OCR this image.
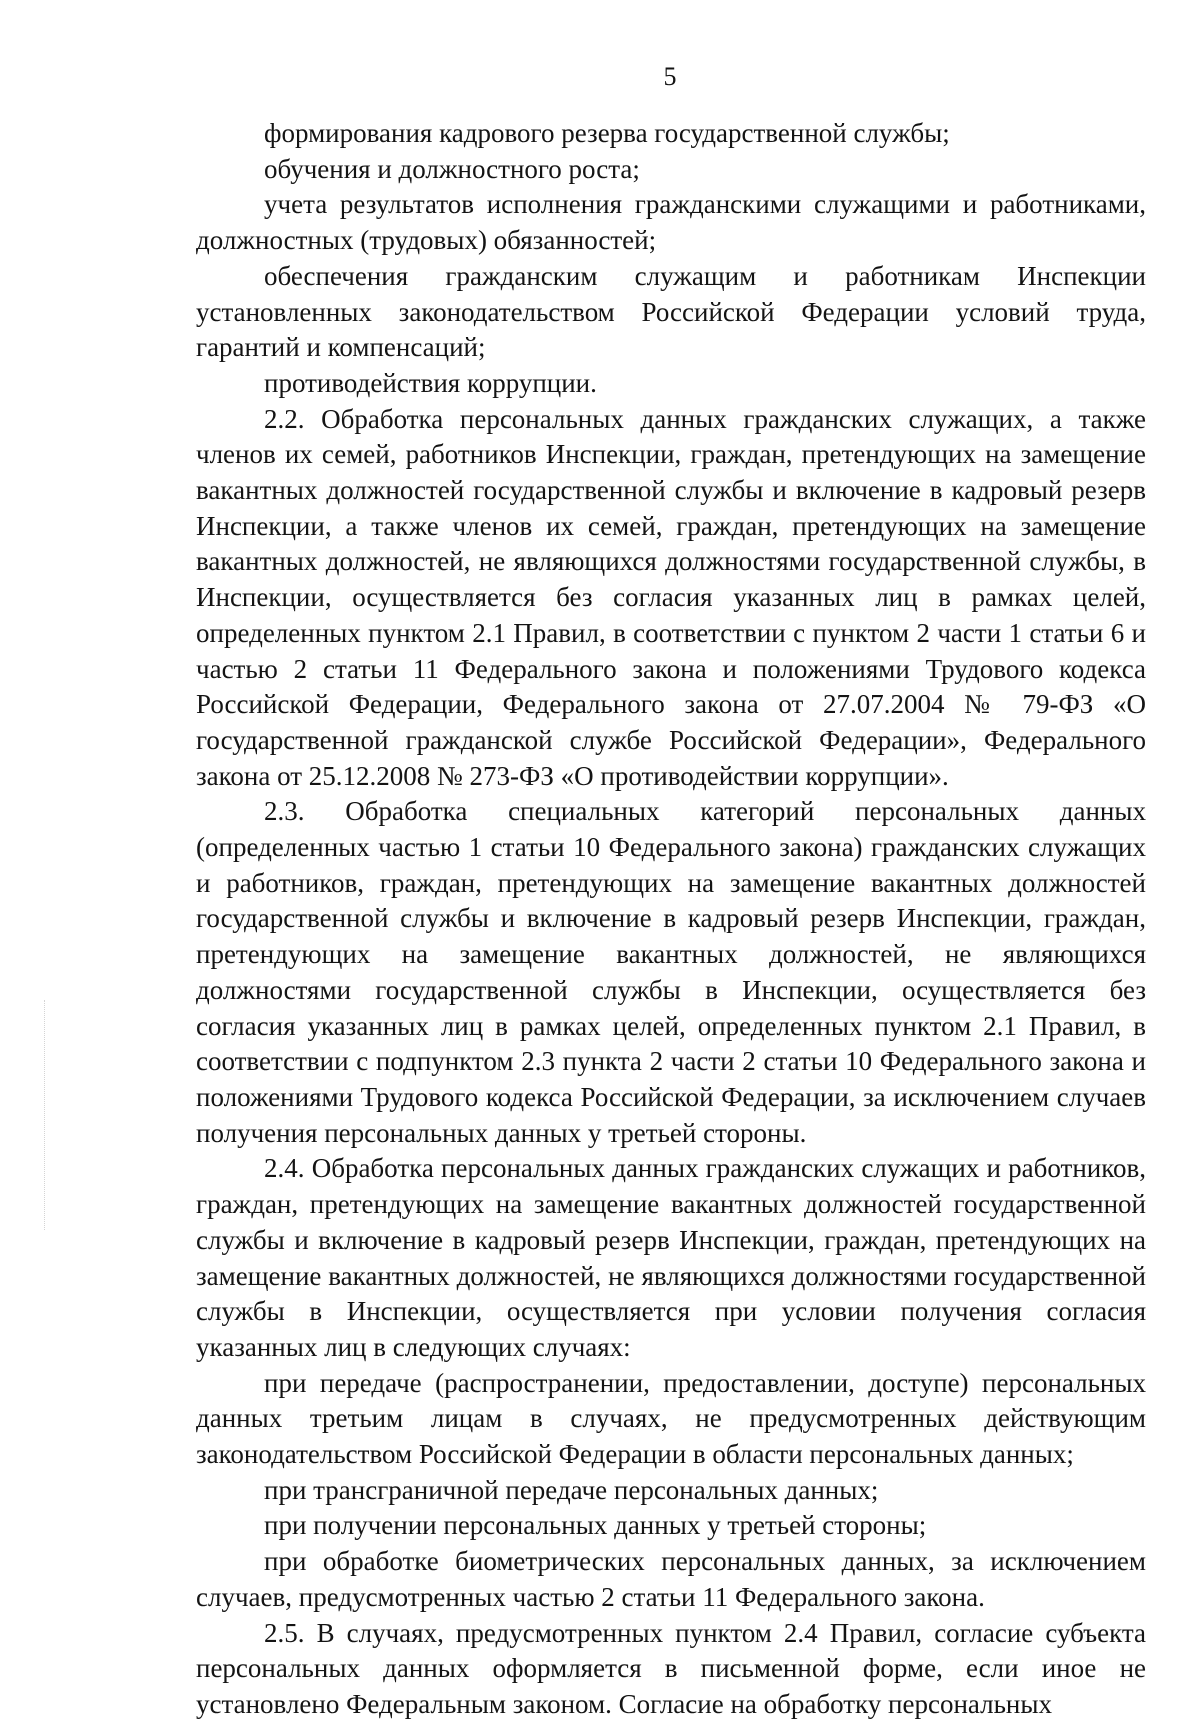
5

формирования кадрового резерва государственной службы;

обучения и должностного роста;

учета результатов исполнения гражданскими служащими и работниками, должностных (трудовых) обязанностей;

обеспечения гражданским служащим и работникам Инспекции установленных законодательством Российской Федерации условий труда, гарантий и компенсаций;

противодействия коррупции.

2.2. Обработка персональных данных гражданских служащих, а также членов их семей, работников Инспекции, граждан, претендующих на замещение вакантных должностей государственной службы и включение в кадровый резерв Инспекции, а также членов их семей, граждан, претендующих на замещение вакантных должностей, не являющихся должностями государственной службы, в Инспекции, осуществляется без согласия указанных лиц в рамках целей, определенных пунктом 2.1 Правил, в соответствии с пунктом 2 части 1 статьи 6 и частью 2 статьи 11 Федерального закона и положениями Трудового кодекса Российской Федерации, Федерального закона от 27.07.2004 № 79-ФЗ «О государственной гражданской службе Российской Федерации», Федерального закона от 25.12.2008 № 273-ФЗ «О противодействии коррупции».

2.3. Обработка специальных категорий персональных данных (определенных частью 1 статьи 10 Федерального закона) гражданских служащих и работников, граждан, претендующих на замещение вакантных должностей государственной службы и включение в кадровый резерв Инспекции, граждан, претендующих на замещение вакантных должностей, не являющихся должностями государственной службы в Инспекции, осуществляется без согласия указанных лиц в рамках целей, определенных пунктом 2.1 Правил, в соответствии с подпунктом 2.3 пункта 2 части 2 статьи 10 Федерального закона и положениями Трудового кодекса Российской Федерации, за исключением случаев получения персональных данных у третьей стороны.

2.4. Обработка персональных данных гражданских служащих и работников, граждан, претендующих на замещение вакантных должностей государственной службы и включение в кадровый резерв Инспекции, граждан, претендующих на замещение вакантных должностей, не являющихся должностями государственной службы в Инспекции, осуществляется при условии получения согласия указанных лиц в следующих случаях:

при передаче (распространении, предоставлении, доступе) персональных данных третьим лицам в случаях, не предусмотренных действующим законодательством Российской Федерации в области персональных данных;

при трансграничной передаче персональных данных;

при получении персональных данных у третьей стороны;

при обработке биометрических персональных данных, за исключением случаев, предусмотренных частью 2 статьи 11 Федерального закона.

2.5. В случаях, предусмотренных пунктом 2.4 Правил, согласие субъекта персональных данных оформляется в письменной форме, если иное не установлено Федеральным законом. Согласие на обработку персональных
